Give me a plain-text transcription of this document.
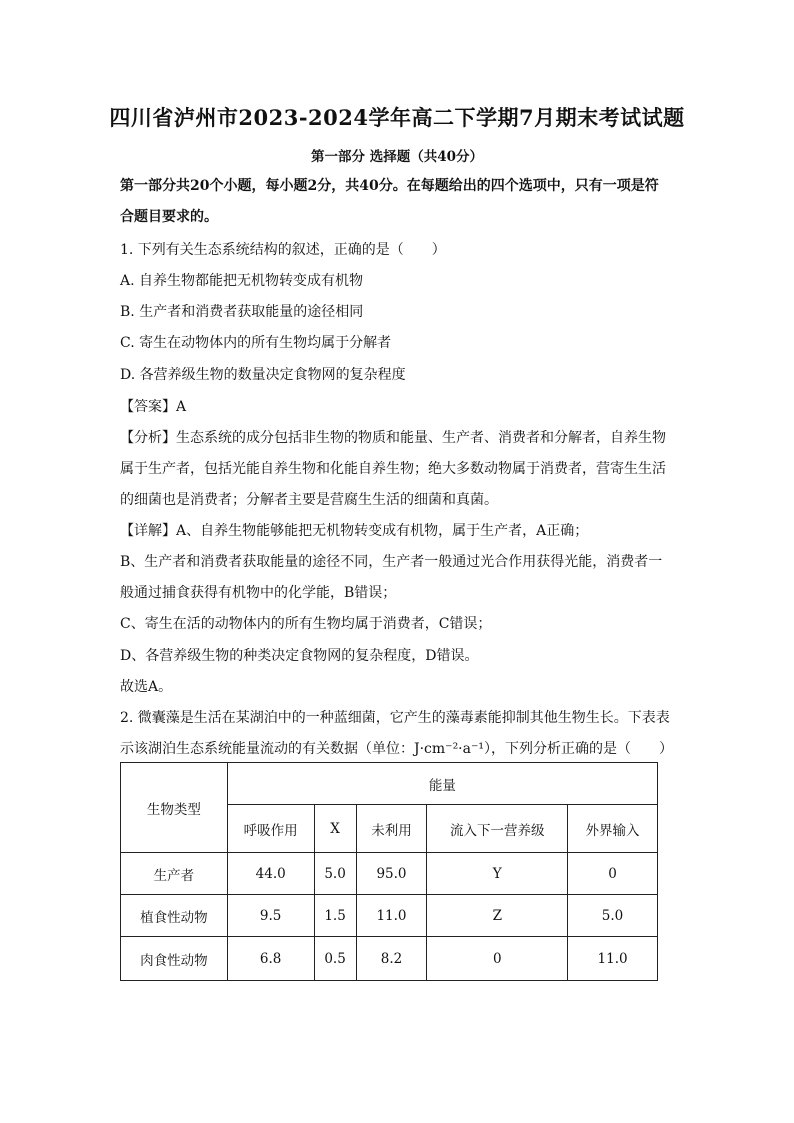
四川省泸州市2023-2024学年高二下学期7月期末考试试题
第一部分 选择题（共40分）
第一部分共20个小题，每小题2分，共40分。在每题给出的四个选项中，只有一项是符
合题目要求的。
1. 下列有关生态系统结构的叙述，正确的是（　　）
A. 自养生物都能把无机物转变成有机物
B. 生产者和消费者获取能量的途径相同
C. 寄生在动物体内的所有生物均属于分解者
D. 各营养级生物的数量决定食物网的复杂程度
【答案】A
【分析】生态系统的成分包括非生物的物质和能量、生产者、消费者和分解者，自养生物
属于生产者，包括光能自养生物和化能自养生物；绝大多数动物属于消费者，营寄生生活
的细菌也是消费者；分解者主要是营腐生生活的细菌和真菌。
【详解】A、自养生物能够能把无机物转变成有机物，属于生产者，A正确；
B、生产者和消费者获取能量的途径不同，生产者一般通过光合作用获得光能，消费者一
般通过捕食获得有机物中的化学能，B错误；
C、寄生在活的动物体内的所有生物均属于消费者，C错误；
D、各营养级生物的种类决定食物网的复杂程度，D错误。
故选A。
2. 微囊藻是生活在某湖泊中的一种蓝细菌，它产生的藻毒素能抑制其他生物生长。下表表
示该湖泊生态系统能量流动的有关数据（单位：J·cm⁻²·a⁻¹），下列分析正确的是（　　）
生物类型	能量				
	呼吸作用	X	未利用	流入下一营养级	外界输入
生产者	44.0	5.0	95.0	Y	0
植食性动物	9.5	1.5	11.0	Z	5.0
肉食性动物	6.8	0.5	8.2	0	11.0
